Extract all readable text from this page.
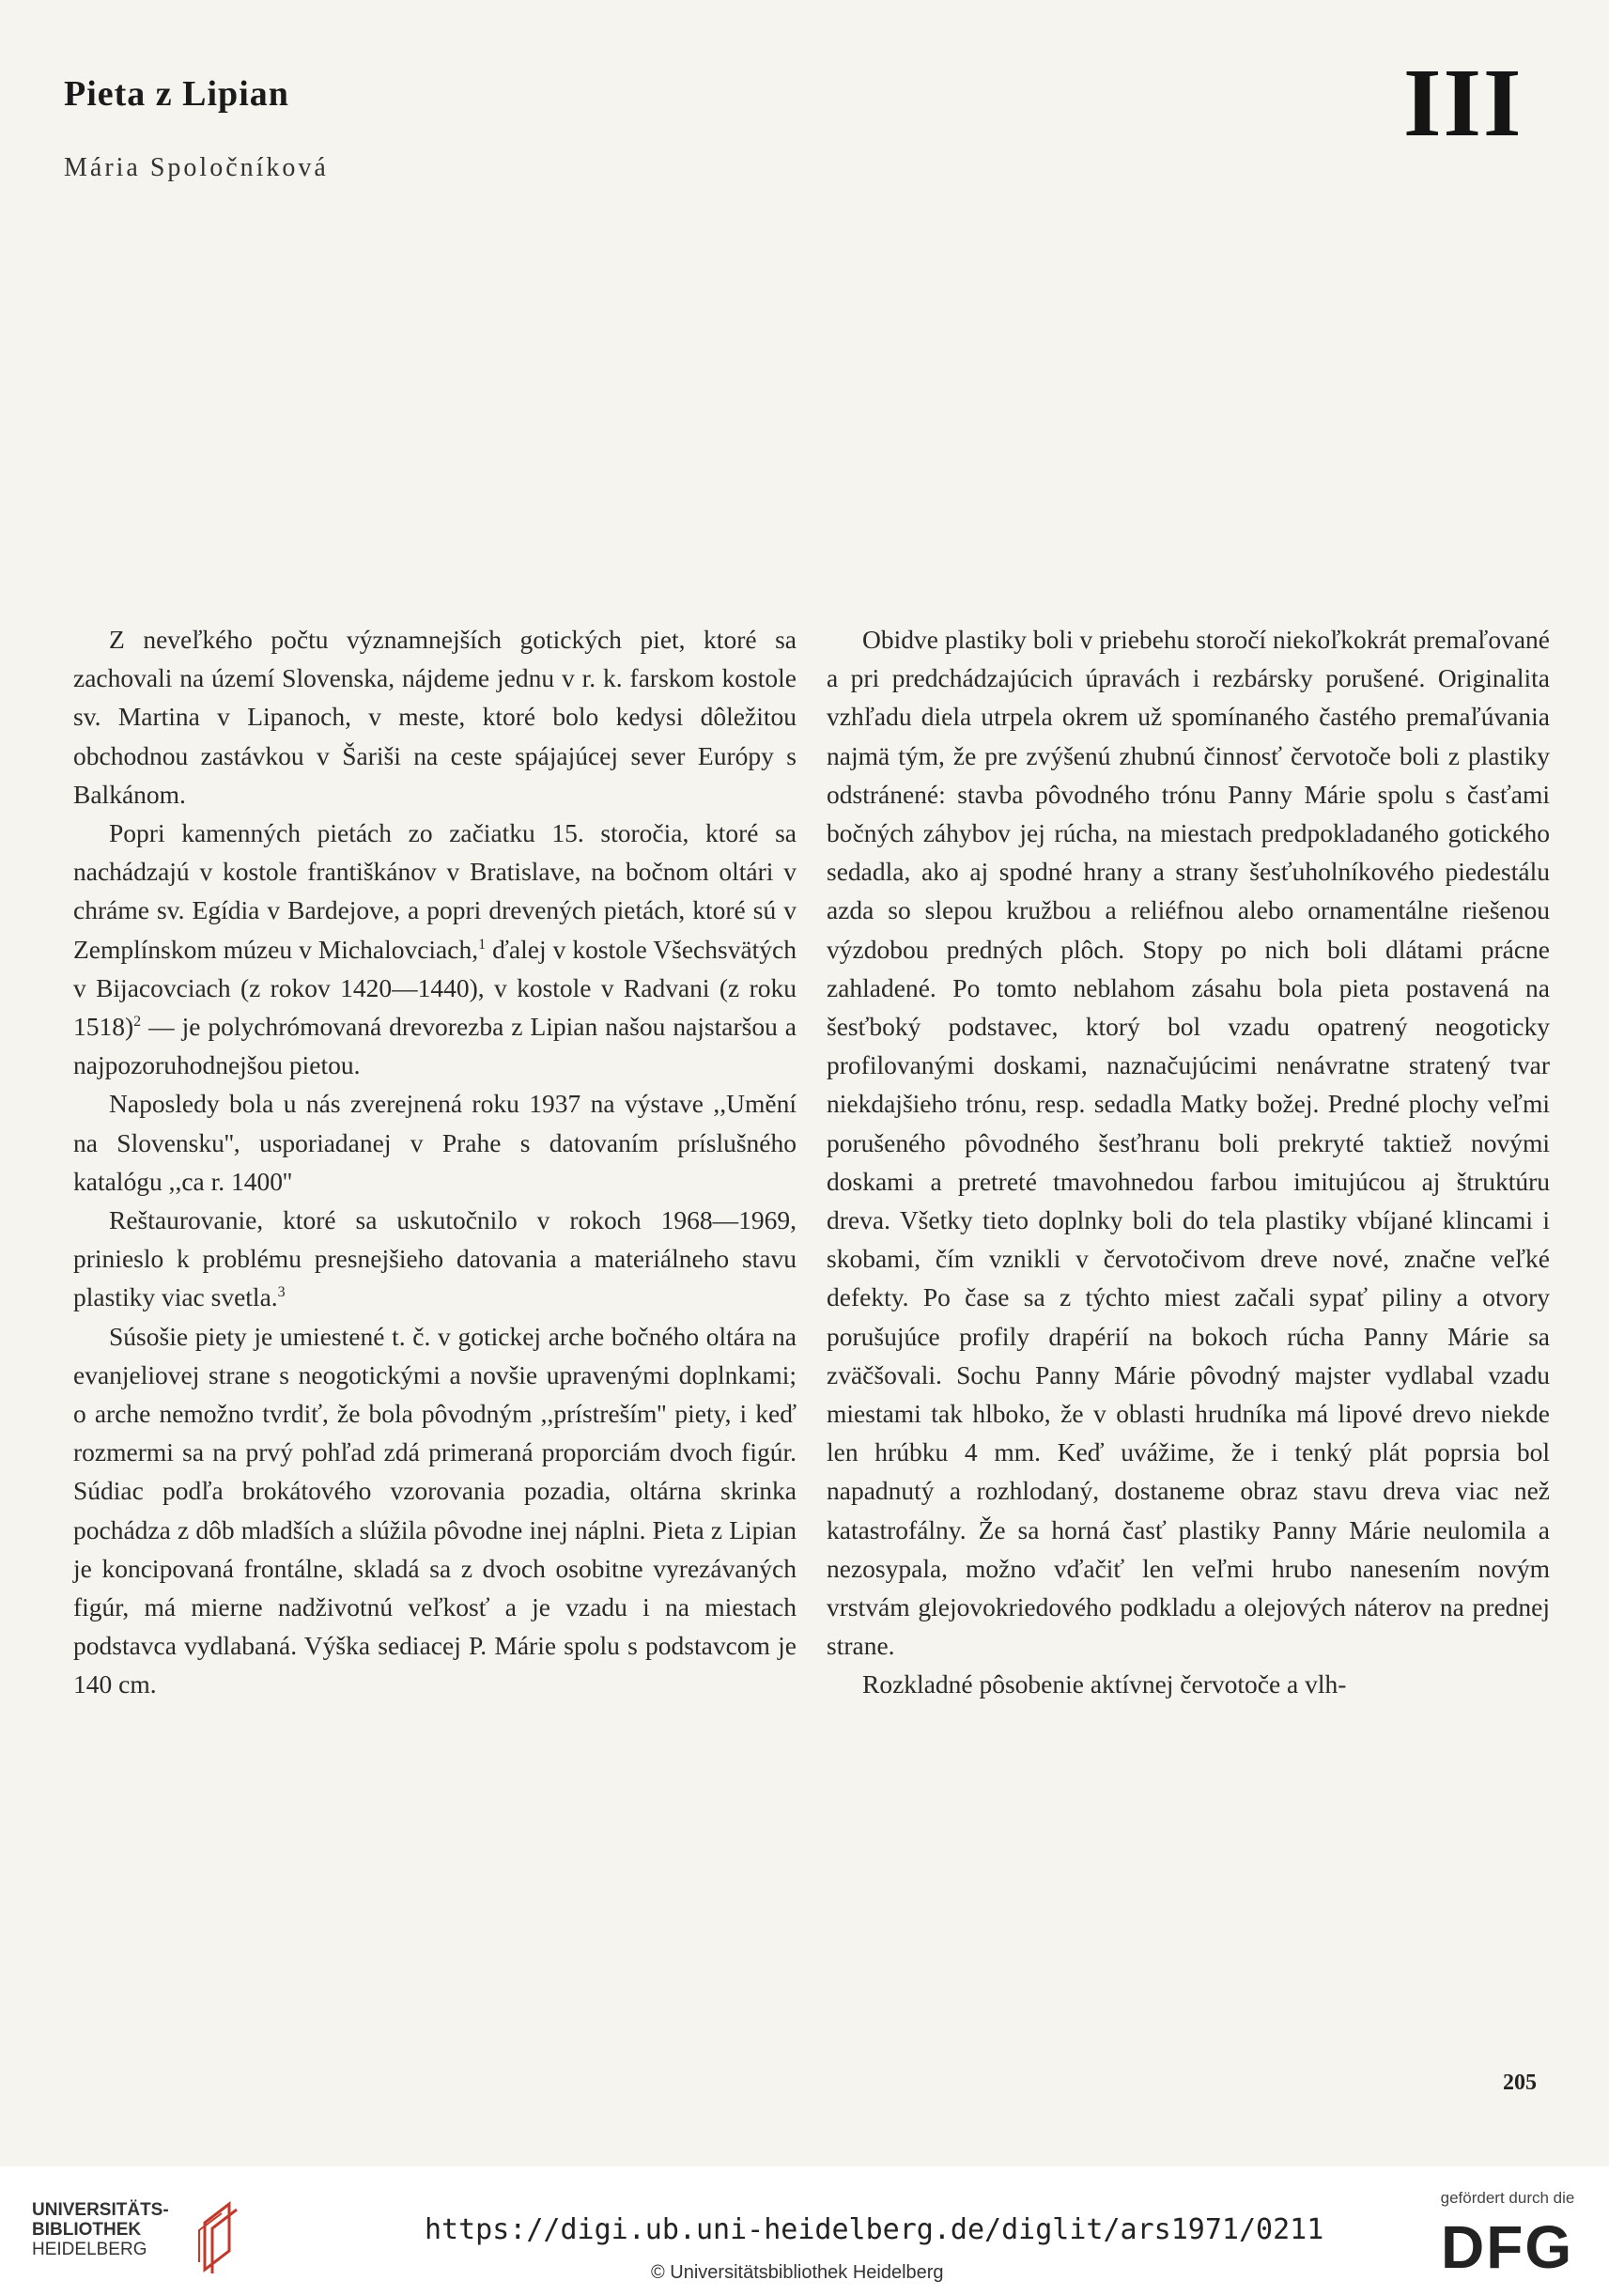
Pieta z Lipian	III
Mária Spoločníková

Z neveľkého počtu významnejších gotických piet, ktoré sa zachovali na území Slovenska, nájdeme jednu v r. k. farskom kostole sv. Martina v Lipanoch, v meste, ktoré bolo kedysi dôležitou obchodnou zastávkou v Šariši na ceste spájajúcej sever Európy s Balkánom.

Popri kamenných pietách zo začiatku 15. storočia, ktoré sa nachádzajú v kostole františkánov v Bratislave, na bočnom oltári v chráme sv. Egídia v Bardejove, a popri drevených pietách, ktoré sú v Zemplínskom múzeu v Michalovciach,$^1$ ďalej v kostole Všechsvätých v Bijacovciach (z rokov 1420—1440), v kostole v Radvani (z roku 1518)$^2$ — je polychrómovaná drevorezba z Lipian našou najstaršou a najpozoruhodnejšou pietou.

Naposledy bola u nás zverejnená roku 1937 na výstave ,,Umění na Slovensku'', usporiadanej v Prahe s datovaním príslušného katalógu ,,ca r. 1400''

Reštaurovanie, ktoré sa uskutočnilo v rokoch 1968—1969, prinieslo k problému presnejšieho datovania a materiálneho stavu plastiky viac svetla.$^3$

Súsošie piety je umiestené t. č. v gotickej arche bočného oltára na evanjeliovej strane s neogotickými a novšie upravenými doplnkami; o arche nemožno tvrdiť, že bola pôvodným ,,prístreším'' piety, i keď rozmermi sa na prvý pohľad zdá primeraná proporciám dvoch figúr. Súdiac podľa brokátového vzorovania pozadia, oltárna skrinka pochádza z dôb mladších a slúžila pôvodne inej náplni. Pieta z Lipian je koncipovaná frontálne, skladá sa z dvoch osobitne vyrezávaných figúr, má mierne nadživotnú veľkosť a je vzadu i na miestach podstavca vydlabaná. Výška sediacej P. Márie spolu s podstavcom je 140 cm.

Obidve plastiky boli v priebehu storočí niekoľkokrát premaľované a pri predchádzajúcich úpravách i rezbársky porušené. Originalita vzhľadu diela utrpela okrem už spomínaného častého premaľúvania najmä tým, že pre zvýšenú zhubnú činnosť červotoče boli z plastiky odstránené: stavba pôvodného trónu Panny Márie spolu s časťami bočných záhybov jej rúcha, na miestach predpokladaného gotického sedadla, ako aj spodné hrany a strany šesťuholníkového piedestálu azda so slepou kružbou a reliéfnou alebo ornamentálne riešenou výzdobou predných plôch. Stopy po nich boli dlátami prácne zahladené. Po tomto neblahom zásahu bola pieta postavená na šesťboký podstavec, ktorý bol vzadu opatrený neogoticky profilovanými doskami, naznačujúcimi nenávratne stratený tvar niekdajšieho trónu, resp. sedadla Matky božej. Predné plochy veľmi porušeného pôvodného šesťhranu boli prekryté taktiež novými doskami a pretreté tmavohnedou farbou imitujúcou aj štruktúru dreva. Všetky tieto doplnky boli do tela plastiky vbíjané klincami i skobami, čím vznikli v červotočivom dreve nové, značne veľké defekty. Po čase sa z týchto miest začali sypať piliny a otvory porušujúce profily drapérií na bokoch rúcha Panny Márie sa zväčšovali. Sochu Panny Márie pôvodný majster vydlabal vzadu miestami tak hlboko, že v oblasti hrudníka má lipové drevo niekde len hrúbku 4 mm. Keď uvážime, že i tenký plát poprsia bol napadnutý a rozhlodaný, dostaneme obraz stavu dreva viac než katastrofálny. Že sa horná časť plastiky Panny Márie neulomila a nezosypala, možno vďačiť len veľmi hrubo nanesením novým vrstvám glejovokriedového podkladu a olejových náterov na prednej strane.

Rozkladné pôsobenie aktívnej červotoče a vlh-

205
UNIVERSITÄTS-
BIBLIOTHEK
HEIDELBERG
https://digi.ub.uni-heidelberg.de/diglit/ars1971/0211
© Universitätsbibliothek Heidelberg
gefördert durch die
DFG
